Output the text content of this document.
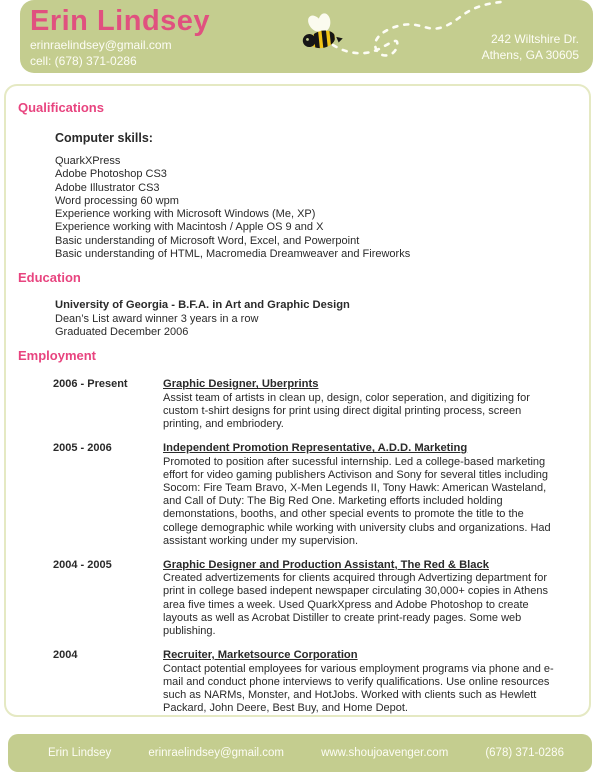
Erin Lindsey
erinraelindsey@gmail.com
cell: (678) 371-0286
242 Wiltshire Dr.
Athens, GA 30605
Qualifications
Computer skills:
QuarkXPress
Adobe Photoshop CS3
Adobe Illustrator CS3
Word processing 60 wpm
Experience working with Microsoft Windows (Me, XP)
Experience working with Macintosh / Apple OS 9 and X
Basic understanding of Microsoft Word, Excel, and Powerpoint
Basic understanding of HTML, Macromedia Dreamweaver and Fireworks
Education
University of Georgia - B.F.A. in Art and Graphic Design
Dean’s List award winner 3 years in a row
Graduated December 2006
Employment
2006 - Present	Graphic Designer, Uberprints

Assist team of artists in clean up, design, color seperation, and digitizing for custom t-shirt designs for print using direct digital printing process, screen printing, and embriodery.

2005 - 2006	Independent Promotion Representative, A.D.D. Marketing

Promoted to position after sucessful internship. Led a college-based marketing effort for video gaming publishers Activison and Sony for several titles including Socom: Fire Team Bravo, X-Men Legends II, Tony Hawk: American Wasteland, and Call of Duty: The Big Red One. Marketing efforts included holding demonstations, booths, and other special events to promote the title to the college demographic while working with university clubs and organizations. Had assistant working under my supervision.

2004 - 2005	Graphic Designer and Production Assistant, The Red & Black

Created advertizements for clients acquired through Advertizing department for print in college based indepent newspaper circulating 30,000+ copies in Athens area five times a week. Used QuarkXpress and Adobe Photoshop to create layouts as well as Acrobat Distiller to create print-ready pages. Some web publishing.

2004	Recruiter, Marketsource Corporation

Contact potential employees for various employment programs via phone and e-mail and conduct phone interviews to verify qualifications. Use online resources such as NARMs, Monster, and HotJobs. Worked with clients such as Hewlett Packard, John Deere, Best Buy, and Home Depot.

Erin Lindsey	erinraelindsey@gmail.com	www.shoujoavenger.com	(678) 371-0286
